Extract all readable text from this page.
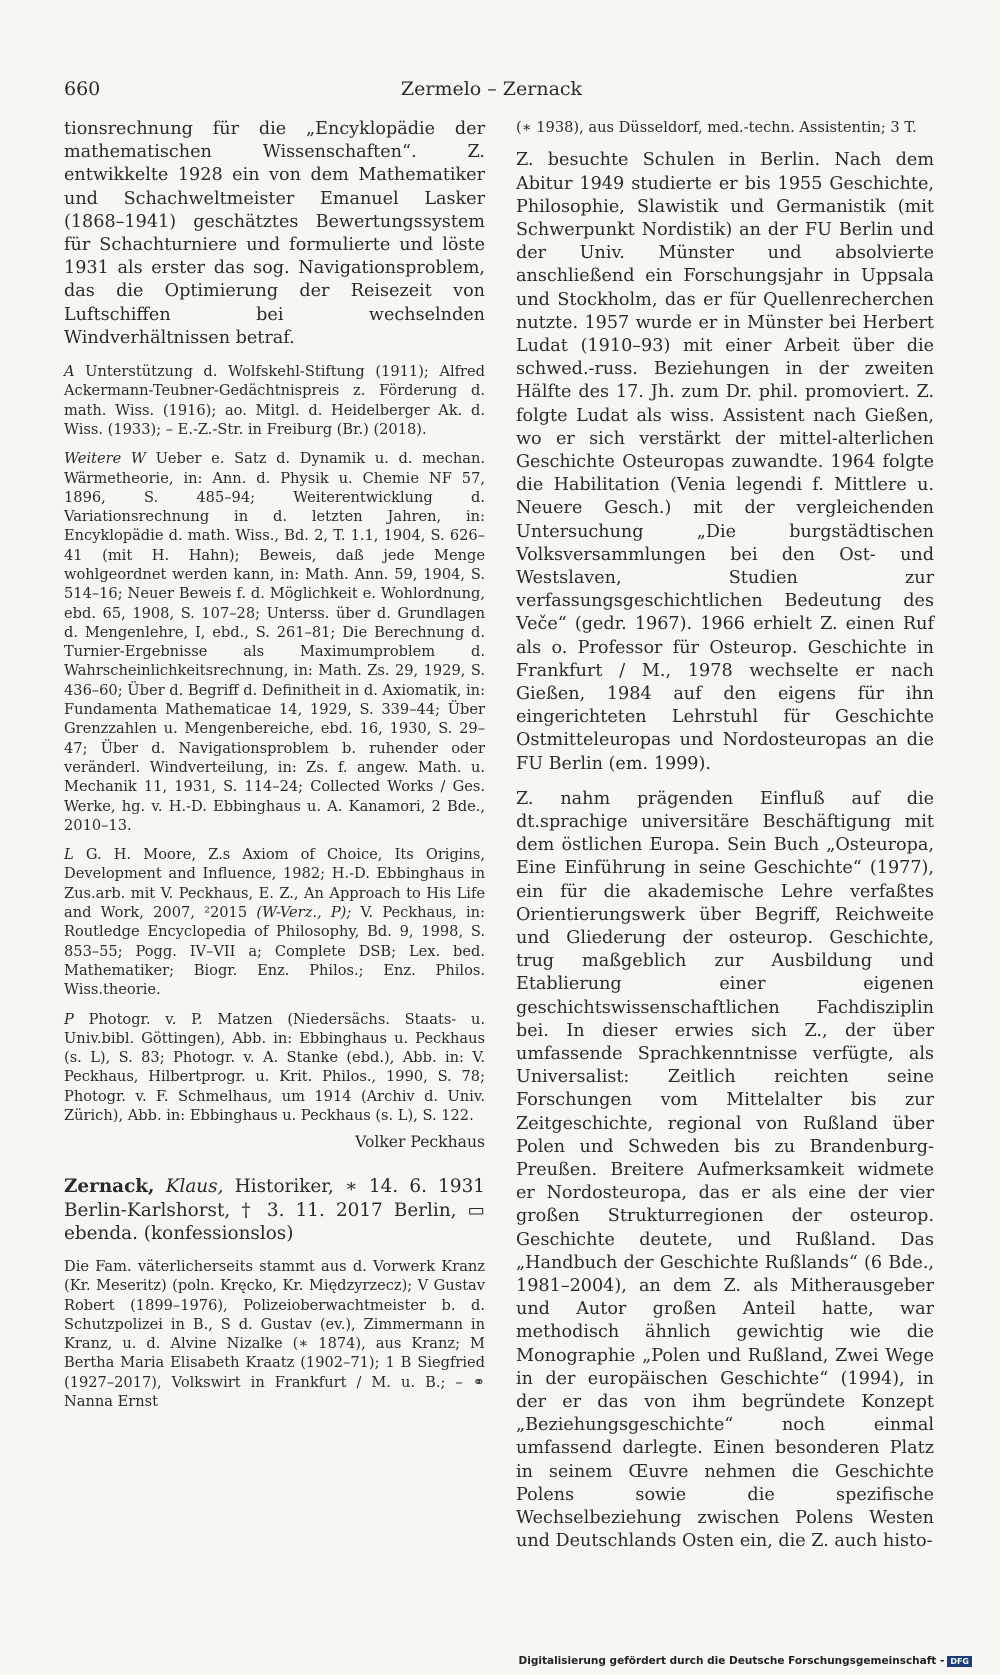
660	Zermelo – Zernack

tionsrechnung für die „Encyklopädie der mathematischen Wissenschaften“. Z. entwikkelte 1928 ein von dem Mathematiker und Schachweltmeister Emanuel Lasker (1868–1941) geschätztes Bewertungssystem für Schachturniere und formulierte und löste 1931 als erster das sog. Navigationsproblem, das die Optimierung der Reisezeit von Luftschiffen bei wechselnden Windverhältnissen betraf.

A Unterstützung d. Wolfskehl-Stiftung (1911); Alfred Ackermann-Teubner-Gedächtnispreis z. Förderung d. math. Wiss. (1916); ao. Mitgl. d. Heidelberger Ak. d. Wiss. (1933); – E.-Z.-Str. in Freiburg (Br.) (2018).

Weitere W Ueber e. Satz d. Dynamik u. d. mechan. Wärmetheorie, in: Ann. d. Physik u. Chemie NF 57, 1896, S. 485–94; Weiterentwicklung d. Variationsrechnung in d. letzten Jahren, in: Encyklopädie d. math. Wiss., Bd. 2, T. 1.1, 1904, S. 626–41 (mit H. Hahn); Beweis, daß jede Menge wohlgeordnet werden kann, in: Math. Ann. 59, 1904, S. 514–16; Neuer Beweis f. d. Möglichkeit e. Wohlordnung, ebd. 65, 1908, S. 107–28; Unterss. über d. Grundlagen d. Mengenlehre, I, ebd., S. 261–81; Die Berechnung d. Turnier-Ergebnisse als Maximumproblem d. Wahrscheinlichkeitsrechnung, in: Math. Zs. 29, 1929, S. 436–60; Über d. Begriff d. Definitheit in d. Axiomatik, in: Fundamenta Mathematicae 14, 1929, S. 339–44; Über Grenzzahlen u. Mengenbereiche, ebd. 16, 1930, S. 29–47; Über d. Navigationsproblem b. ruhender oder veränderl. Windverteilung, in: Zs. f. angew. Math. u. Mechanik 11, 1931, S. 114–24; Collected Works / Ges. Werke, hg. v. H.-D. Ebbinghaus u. A. Kanamori, 2 Bde., 2010–13.

L G. H. Moore, Z.s Axiom of Choice, Its Origins, Development and Influence, 1982; H.-D. Ebbinghaus in Zus.arb. mit V. Peckhaus, E. Z., An Approach to His Life and Work, 2007, ²2015 (W-Verz., P); V. Peckhaus, in: Routledge Encyclopedia of Philosophy, Bd. 9, 1998, S. 853–55; Pogg. IV–VII a; Complete DSB; Lex. bed. Mathematiker; Biogr. Enz. Philos.; Enz. Philos. Wiss.theorie.

P Photogr. v. P. Matzen (Niedersächs. Staats- u. Univ.bibl. Göttingen), Abb. in: Ebbinghaus u. Peckhaus (s. L), S. 83; Photogr. v. A. Stanke (ebd.), Abb. in: V. Peckhaus, Hilbertprogr. u. Krit. Philos., 1990, S. 78; Photogr. v. F. Schmelhaus, um 1914 (Archiv d. Univ. Zürich), Abb. in: Ebbinghaus u. Peckhaus (s. L), S. 122.

Volker Peckhaus

Zernack, Klaus, Historiker, ∗ 14. 6. 1931 Berlin-Karlshorst, † 3. 11. 2017 Berlin, ▭ ebenda. (konfessionslos)

Die Fam. väterlicherseits stammt aus d. Vorwerk Kranz (Kr. Meseritz) (poln. Kręcko, Kr. Międzyrzecz); V Gustav Robert (1899–1976), Polizeioberwachtmeister b. d. Schutzpolizei in B., S d. Gustav (ev.), Zimmermann in Kranz, u. d. Alvine Nizalke (∗ 1874), aus Kranz; M Bertha Maria Elisabeth Kraatz (1902–71); 1 B Siegfried (1927–2017), Volkswirt in Frankfurt / M. u. B.; – ⚭ Nanna Ernst

(∗ 1938), aus Düsseldorf, med.-techn. Assistentin; 3 T.

Z. besuchte Schulen in Berlin. Nach dem Abitur 1949 studierte er bis 1955 Geschichte, Philosophie, Slawistik und Germanistik (mit Schwerpunkt Nordistik) an der FU Berlin und der Univ. Münster und absolvierte anschließend ein Forschungsjahr in Uppsala und Stockholm, das er für Quellenrecherchen nutzte. 1957 wurde er in Münster bei Herbert Ludat (1910–93) mit einer Arbeit über die schwed.-russ. Beziehungen in der zweiten Hälfte des 17. Jh. zum Dr. phil. promoviert. Z. folgte Ludat als wiss. Assistent nach Gießen, wo er sich verstärkt der mittel-alterlichen Geschichte Osteuropas zuwandte. 1964 folgte die Habilitation (Venia legendi f. Mittlere u. Neuere Gesch.) mit der vergleichenden Untersuchung „Die burgstädtischen Volksversammlungen bei den Ost- und Westslaven, Studien zur verfassungsgeschichtlichen Bedeutung des Veče“ (gedr. 1967). 1966 erhielt Z. einen Ruf als o. Professor für Osteurop. Geschichte in Frankfurt / M., 1978 wechselte er nach Gießen, 1984 auf den eigens für ihn eingerichteten Lehrstuhl für Geschichte Ostmitteleuropas und Nordosteuropas an die FU Berlin (em. 1999).

Z. nahm prägenden Einfluß auf die dt.sprachige universitäre Beschäftigung mit dem östlichen Europa. Sein Buch „Osteuropa, Eine Einführung in seine Geschichte“ (1977), ein für die akademische Lehre verfaßtes Orientierungswerk über Begriff, Reichweite und Gliederung der osteurop. Geschichte, trug maßgeblich zur Ausbildung und Etablierung einer eigenen geschichtswissenschaftlichen Fachdisziplin bei. In dieser erwies sich Z., der über umfassende Sprachkenntnisse verfügte, als Universalist: Zeitlich reichten seine Forschungen vom Mittelalter bis zur Zeitgeschichte, regional von Rußland über Polen und Schweden bis zu Brandenburg-Preußen. Breitere Aufmerksamkeit widmete er Nordosteuropa, das er als eine der vier großen Strukturregionen der osteurop. Geschichte deutete, und Rußland. Das „Handbuch der Geschichte Rußlands“ (6 Bde., 1981–2004), an dem Z. als Mitherausgeber und Autor großen Anteil hatte, war methodisch ähnlich gewichtig wie die Monographie „Polen und Rußland, Zwei Wege in der europäischen Geschichte“ (1994), in der er das von ihm begründete Konzept „Beziehungsgeschichte“ noch einmal umfassend darlegte. Einen besonderen Platz in seinem Œuvre nehmen die Geschichte Polens sowie die spezifische Wechselbeziehung zwischen Polens Westen und Deutschlands Osten ein, die Z. auch histo-

Digitalisierung gefördert durch die Deutsche Forschungsgemeinschaft - DFG
